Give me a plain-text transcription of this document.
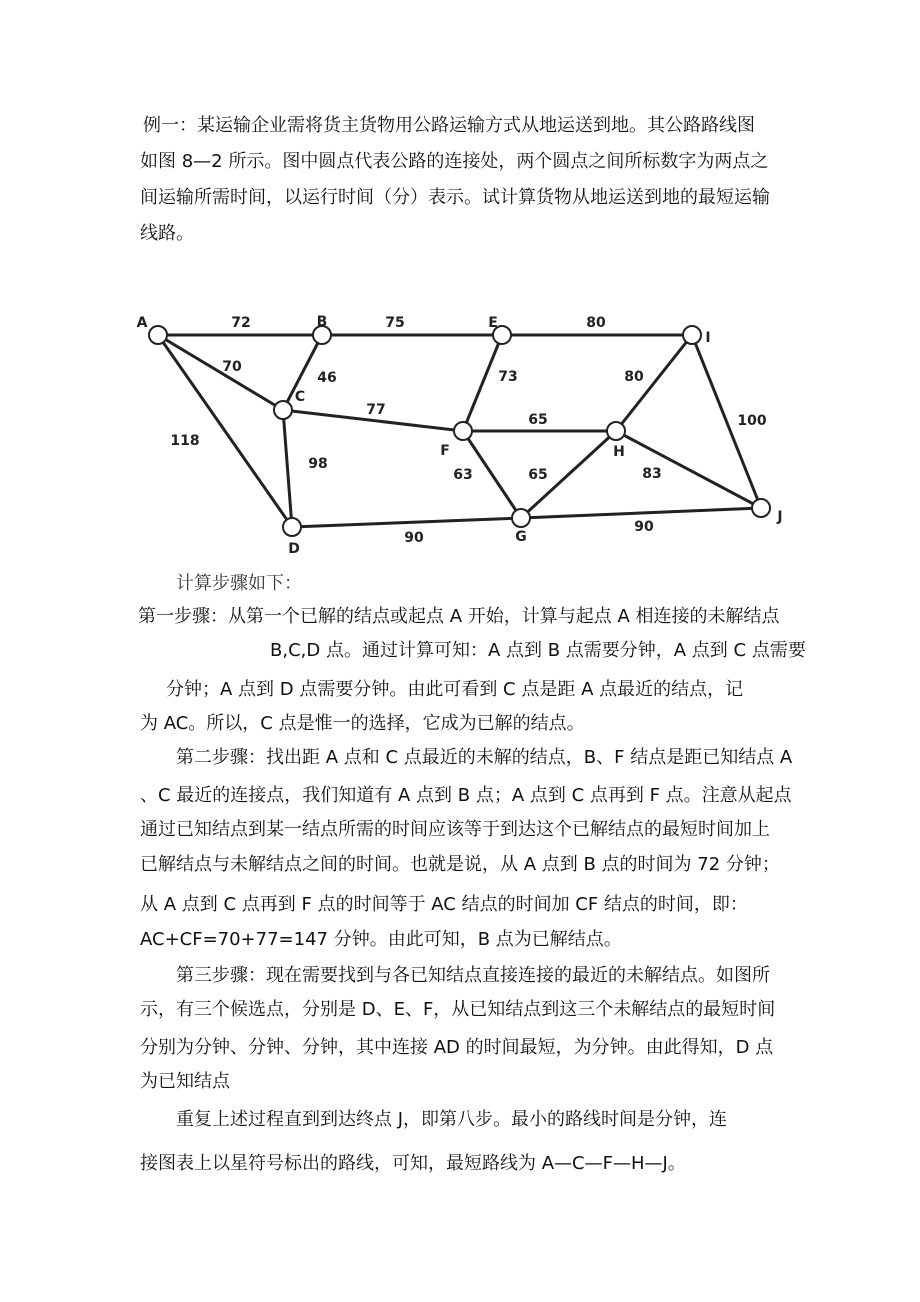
例一：某运输企业需将货主货物用公路运输方式从地运送到地。其公路路线图
如图 8—2 所示。图中圆点代表公路的连接处，两个圆点之间所标数字为两点之
间运输所需时间，以运行时间（分）表示。试计算货物从地运送到地的最短运输
线路。
72	75	80
70
46
118
77
73
98
65
80
100
63	65	83
90
90
A	B
C
D
E
F
G
H
I
J
计算步骤如下：
第一步骤：从第一个已解的结点或起点 A 开始，计算与起点 A 相连接的未解结点
B,C,D 点。通过计算可知：A 点到 B 点需要分钟，A 点到 C 点需要
分钟；A 点到 D 点需要分钟。由此可看到 C 点是距 A 点最近的结点，记
为 AC。所以，C 点是惟一的选择，它成为已解的结点。
第二步骤：找出距 A 点和 C 点最近的未解的结点，B、F 结点是距已知结点 A
、C 最近的连接点，我们知道有 A 点到 B 点；A 点到 C 点再到 F 点。注意从起点
通过已知结点到某一结点所需的时间应该等于到达这个已解结点的最短时间加上
已解结点与未解结点之间的时间。也就是说，从 A 点到 B 点的时间为 72 分钟；
从 A 点到 C 点再到 F 点的时间等于 AC 结点的时间加 CF 结点的时间，即：
AC+CF=70+77=147 分钟。由此可知，B 点为已解结点。
第三步骤：现在需要找到与各已知结点直接连接的最近的未解结点。如图所
示，有三个候选点，分别是 D、E、F，从已知结点到这三个未解结点的最短时间
分别为分钟、分钟、分钟，其中连接 AD 的时间最短，为分钟。由此得知，D 点
为已知结点
重复上述过程直到到达终点 J，即第八步。最小的路线时间是分钟，连
接图表上以星符号标出的路线，可知，最短路线为 A—C—F—H—J。
